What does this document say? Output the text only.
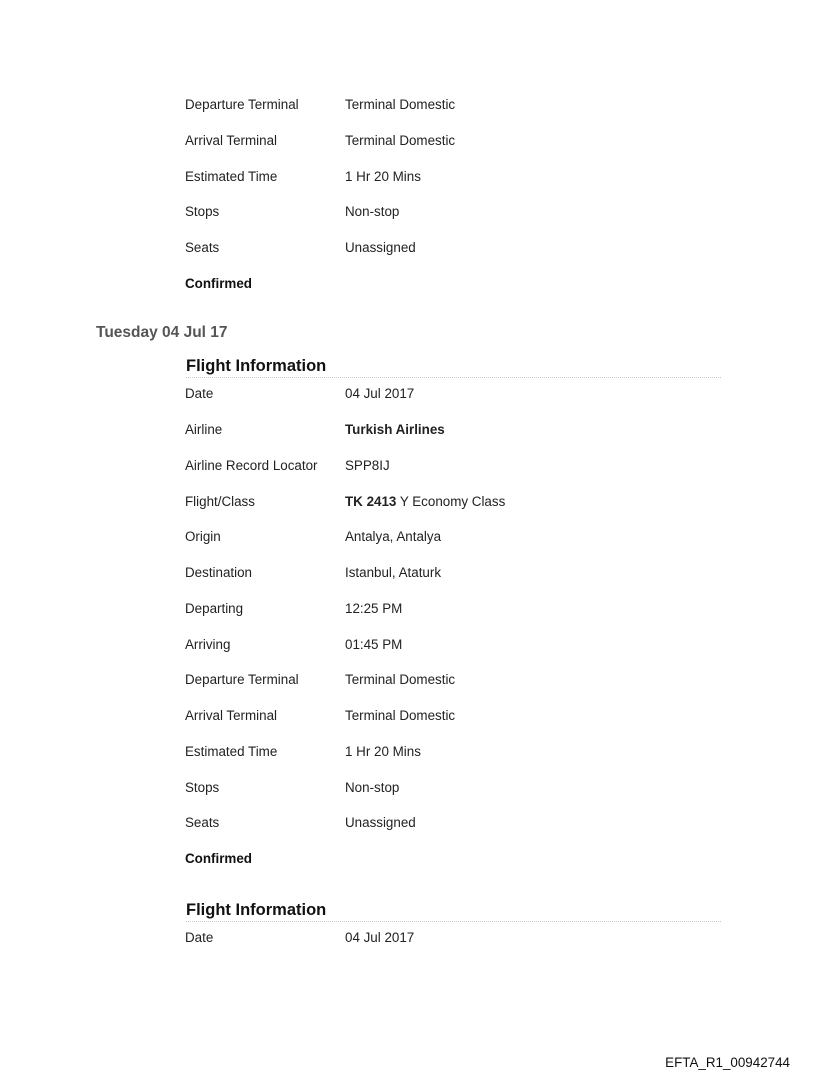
Departure Terminal	Terminal Domestic
Arrival Terminal	Terminal Domestic
Estimated Time	1 Hr 20 Mins
Stops	Non-stop
Seats	Unassigned
Confirmed
Tuesday 04 Jul 17
Flight Information
Date	04 Jul 2017
Airline	Turkish Airlines
Airline Record Locator SPP8IJ
Flight/Class	TK 2413 Y Economy Class
Origin	Antalya, Antalya
Destination	Istanbul, Ataturk
Departing	12:25 PM
Arriving	01:45 PM
Departure Terminal	Terminal Domestic
Arrival Terminal	Terminal Domestic
Estimated Time	1 Hr 20 Mins
Stops	Non-stop
Seats	Unassigned
Confirmed
Flight Information
Date	04 Jul 2017
EFTA_R1_00942744
